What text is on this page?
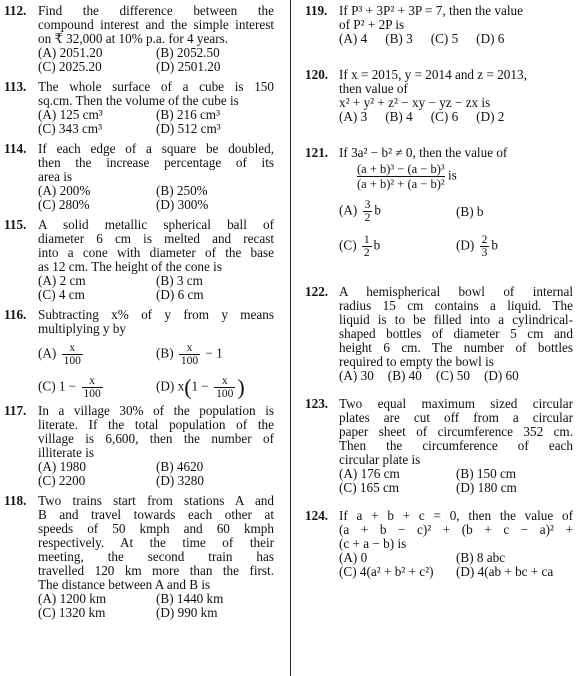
112. Find the difference between the
compound interest and the simple interest
on ₹ 32,000 at 10% p.a. for 4 years.
(A) 2051.20	(B) 2052.50
(C) 2025.20	(D) 2501.20
113. The whole surface of a cube is 150
sq.cm. Then the volume of the cube is
(A) 125 cm³	(B) 216 cm³
(C) 343 cm³	(D) 512 cm³
114. If each edge of a square be doubled,
then the increase percentage of its
area is
(A) 200%	(B) 250%
(C) 280%	(D) 300%
115. A solid metallic spherical ball of
diameter 6 cm is melted and recast
into a cone with diameter of the base
as 12 cm. The height of the cone is
(A) 2 cm	(B) 3 cm
(C) 4 cm	(D) 6 cm
116. Subtracting x% of y from y means
multiplying y by
$(A) \frac{x}{100}$	$(B) \frac{x}{100} - 1$
(C) $1 - \frac{x}{100}$	(D) $x(1 - \frac{x}{100}$ )
117. In a village 30% of the population is
literate. If the total population of the
village is 6,600, then the number of
illiterate is
(A) 1980	(B) 4620
(C) 2200	(D) 3280
118. Two trains start from stations A and
B and travel towards each other at
speeds of 50 kmph and 60 kmph
respectively. At the time of their
meeting, the second train has
travelled 120 km more than the first.
The distance between A and B is
(A) 1200 km	(B) 1440 km
(C) 1320 km	(D) 990 km
119. If P³ + 3P² + 3P = 7, then the value
of P² + 2P is
(A) 4 (B) 3 (C) 5 (D) 6
120. If x = 2015, y = 2014 and z = 2013,
then value of
x² + y² + z² − xy − yz − zx is
(A) 3 (B) 4 (C) 6 (D) 2
121. If 3a² − b² ≠ 0, then the value of
$\frac{\text{(a + b)³ − (a − b)³}}{\text{(a + b)² + (a − b)²}}$ is
$(A) \frac{3}{2}$ b	(B) b
$(C) \frac{1}{2}$ b	$(D) \frac{2}{3}$ b
122. A hemispherical bowl of internal
radius 15 cm contains a liquid. The
liquid is to be filled into a cylindrical-
shaped bottles of diameter 5 cm and
height 6 cm. The number of bottles
required to empty the bowl is
(A) 30 (B) 40 (C) 50 (D) 60
123. Two equal maximum sized circular
plates are cut off from a circular
paper sheet of circumference 352 cm.
Then the circumference of each
circular plate is
(A) 176 cm	(B) 150 cm
(C) 165 cm	(D) 180 cm
124. If a + b + c = 0, then the value of
(a + b − c)² + (b + c − a)² +
(c + a − b) is
(A) 0	(B) 8 abc
(C) 4(a² + b² + c²)	(D) 4(ab + bc + ca
